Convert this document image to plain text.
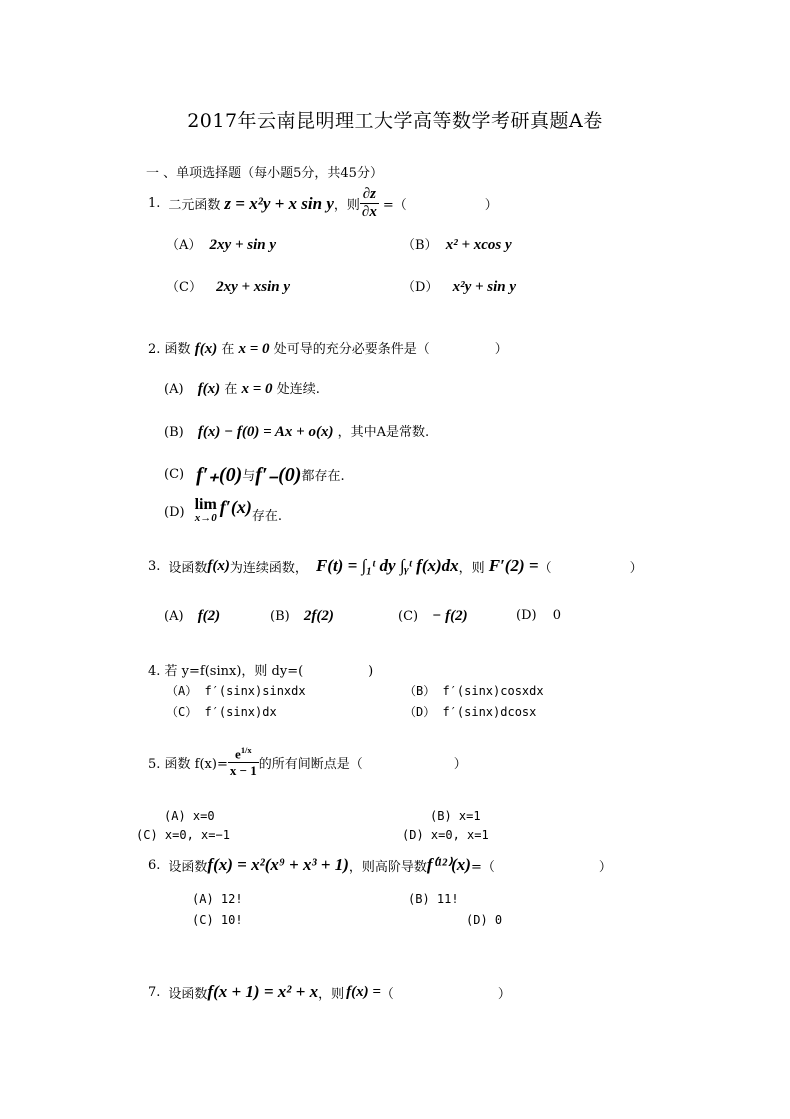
2017年云南昆明理工大学高等数学考研真题A卷
一 、单项选择题（每小题5分，共45分）
1. 二元函数 z = x²y + x sin y ，则 $\frac{\partial z}{\partial x}$ =（　　　　　　）
（A） 2xy + sin y	（B） x² + xcos y
（C） 2xy + xsin y	（D） x²y + sin y
2. 函数 f(x) 在 x = 0 处可导的充分必要条件是（　　　　　）
(A) f(x) 在 x = 0 处连续.
(B) f(x) − f(0) = Ax + o(x) ，其中A是常数.
(C) f′₊(0) 与 f′₋(0) 都存在.
(D) lim
x→0
f′(x) 存在.
3. 设函数 f(x) 为连续函数， F(t) = ∫₁ᵗ dy ∫ᵧᵗ f(x)dx ，则 F′(2) = （　　　　　　）
(A) f(2)	(B) 2f(2)	(C) − f(2)	(D) 0
4. 若 y=f(sinx)，则 dy=(　　　　　)
（A） f′(sinx)sinxdx	（B） f′(sinx)cosxdx
（C） f′(sinx)dx	（D） f′(sinx)dcosx
5. 函数 $f(x)= \frac{e^{1/x}}{x - 1}$ 的所有间断点是（　　　　　　　）
(A) x=0	(B) x=1
(C) x=0, x=−1	(D) x=0, x=1
6. 设函数 f(x) = x²(x⁹ + x³ + 1) ，则高阶导数 f⁽¹²⁾(x) =（　　　　　　　　）
(A) 12!	(B) 11!
(C) 10!	(D) 0
7. 设函数 f(x + 1) = x² + x ，则 f(x) = （　　　　　　　　）
